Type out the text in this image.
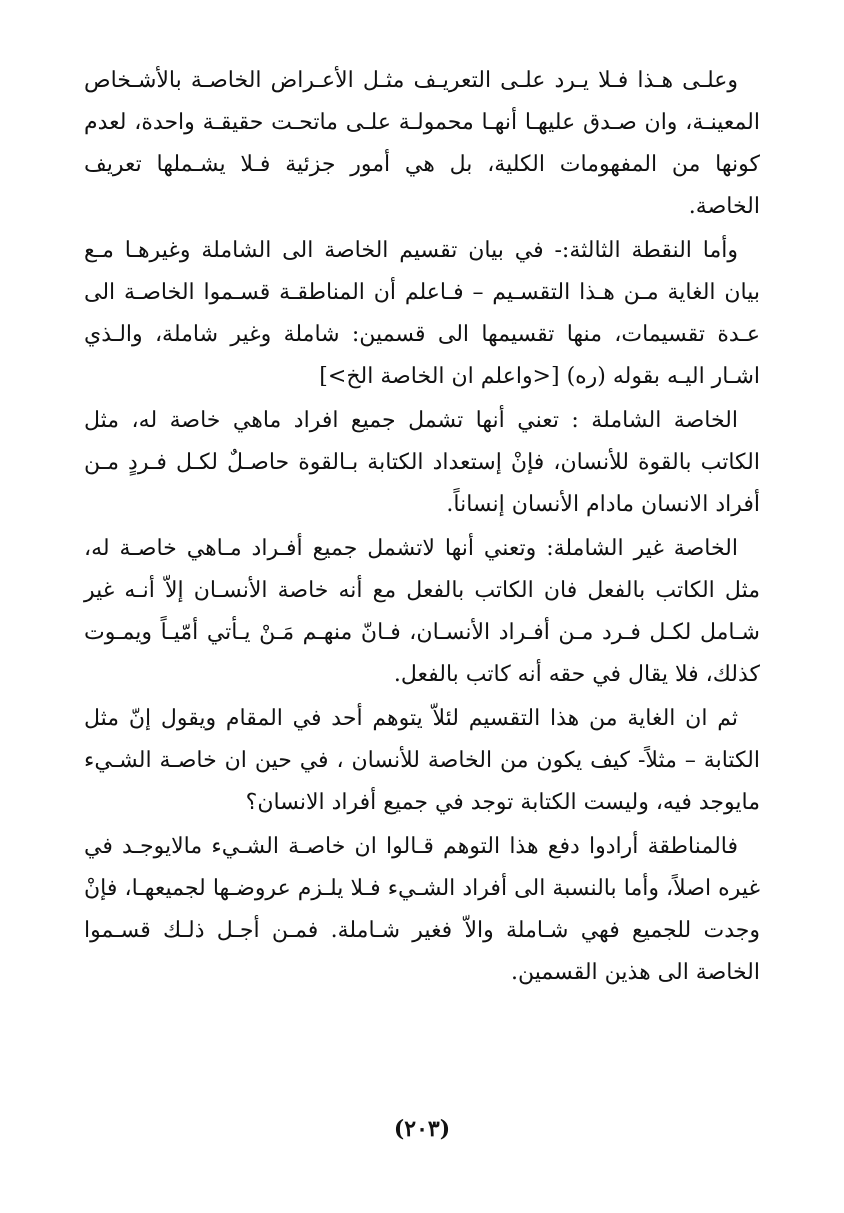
وعلـى هـذا فـلا يـرد علـى التعريـف مثـل الأعـراض الخاصـة بالأشـخاص المعينـة، وان صـدق عليهـا أنهـا محمولـة علـى ماتحـت حقيقـة واحدة، لعدم كونها من المفهومات الكلية، بل هي أمور جزئية فـلا يشـملها تعريف الخاصة.

وأما النقطة الثالثة:- في بيان تقسيم الخاصة الى الشاملة وغيرهـا مـع بيان الغاية مـن هـذا التقسـيم – فـاعلم أن المناطقـة قسـموا الخاصـة الى عـدة تقسيمات، منها تقسيمها الى قسمين: شاملة وغير شاملة، والـذي اشـار اليـه بقوله (ره) [<واعلم ان الخاصة الخ>]

الخاصة الشاملة : تعني أنها تشمل جميع افراد ماهي خاصة له، مثل الكاتب بالقوة للأنسان، فإنْ إستعداد الكتابة بـالقوة حاصـلٌ لكـل فـردٍ مـن أفراد الانسان مادام الأنسان إنساناً.

الخاصة غير الشاملة: وتعني أنها لاتشمل جميع أفـراد مـاهي خاصـة له، مثل الكاتب بالفعل فان الكاتب بالفعل مع أنه خاصة الأنسـان إلاّ أنـه غير شـامل لكـل فـرد مـن أفـراد الأنسـان، فـانّ منهـم مَـنْ يـأتي أمّيـاً ويمـوت كذلك، فلا يقال في حقه أنه كاتب بالفعل.

ثم ان الغاية من هذا التقسيم لئلاّ يتوهم أحد في المقام ويقول إنّ مثل الكتابة – مثلاً- كيف يكون من الخاصة للأنسان ، في حين ان خاصـة الشـيء مايوجد فيه، وليست الكتابة توجد في جميع أفراد الانسان؟

فالمناطقة أرادوا دفع هذا التوهم قـالوا ان خاصـة الشـيء مالايوجـد في غيره اصلاً، وأما بالنسبة الى أفراد الشـيء فـلا يلـزم عروضـها لجميعهـا، فإنْ وجدت للجميع فهي شـاملة والاّ فغير شـاملة. فمـن أجـل ذلـك قسـموا الخاصة الى هذين القسمين.

(٢٠٣)
